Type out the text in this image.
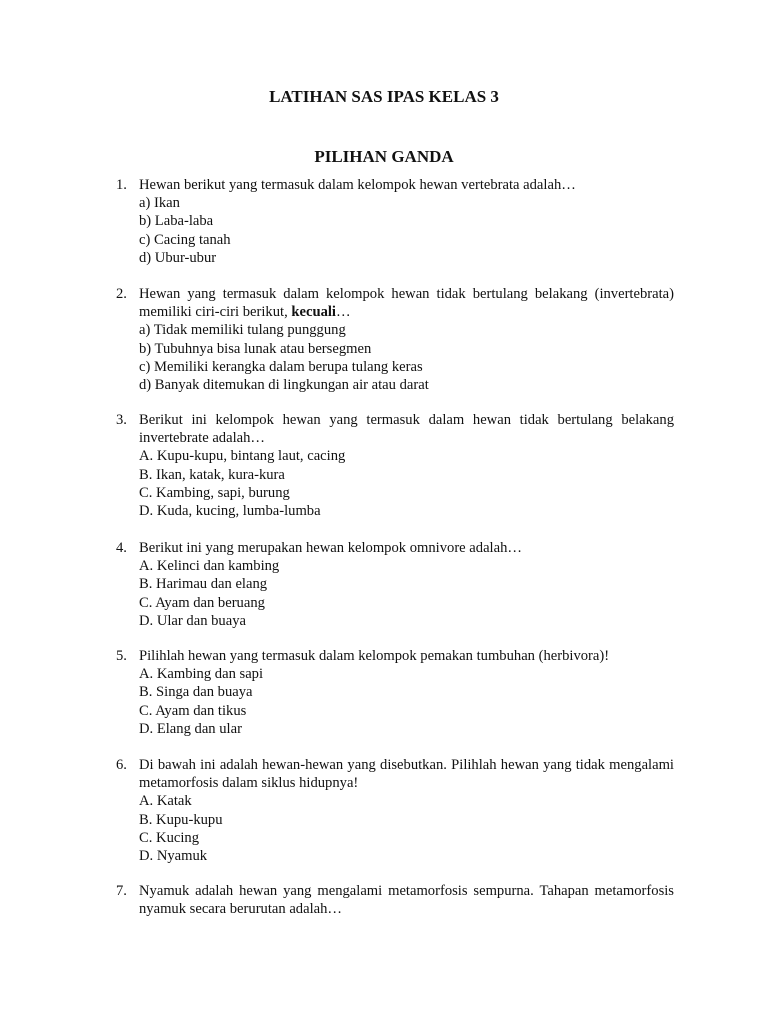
LATIHAN SAS IPAS KELAS 3
PILIHAN GANDA
1. Hewan berikut yang termasuk dalam kelompok hewan vertebrata adalah…
a) Ikan
b) Laba-laba
c) Cacing tanah
d) Ubur-ubur
2. Hewan yang termasuk dalam kelompok hewan tidak bertulang belakang (invertebrata) memiliki ciri-ciri berikut, kecuali…
a) Tidak memiliki tulang punggung
b) Tubuhnya bisa lunak atau bersegmen
c) Memiliki kerangka dalam berupa tulang keras
d) Banyak ditemukan di lingkungan air atau darat
3. Berikut ini kelompok hewan yang termasuk dalam hewan tidak bertulang belakang invertebrate adalah…
A. Kupu-kupu, bintang laut, cacing
B. Ikan, katak, kura-kura
C. Kambing, sapi, burung
D. Kuda, kucing, lumba-lumba
4. Berikut ini yang merupakan hewan kelompok omnivore adalah…
A. Kelinci dan kambing
B. Harimau dan elang
C. Ayam dan beruang
D. Ular dan buaya
5. Pilihlah hewan yang termasuk dalam kelompok pemakan tumbuhan (herbivora)!
A. Kambing dan sapi
B. Singa dan buaya
C. Ayam dan tikus
D. Elang dan ular
6. Di bawah ini adalah hewan-hewan yang disebutkan. Pilihlah hewan yang tidak mengalami metamorfosis dalam siklus hidupnya!
A. Katak
B. Kupu-kupu
C. Kucing
D. Nyamuk
7. Nyamuk adalah hewan yang mengalami metamorfosis sempurna. Tahapan metamorfosis nyamuk secara berurutan adalah…
